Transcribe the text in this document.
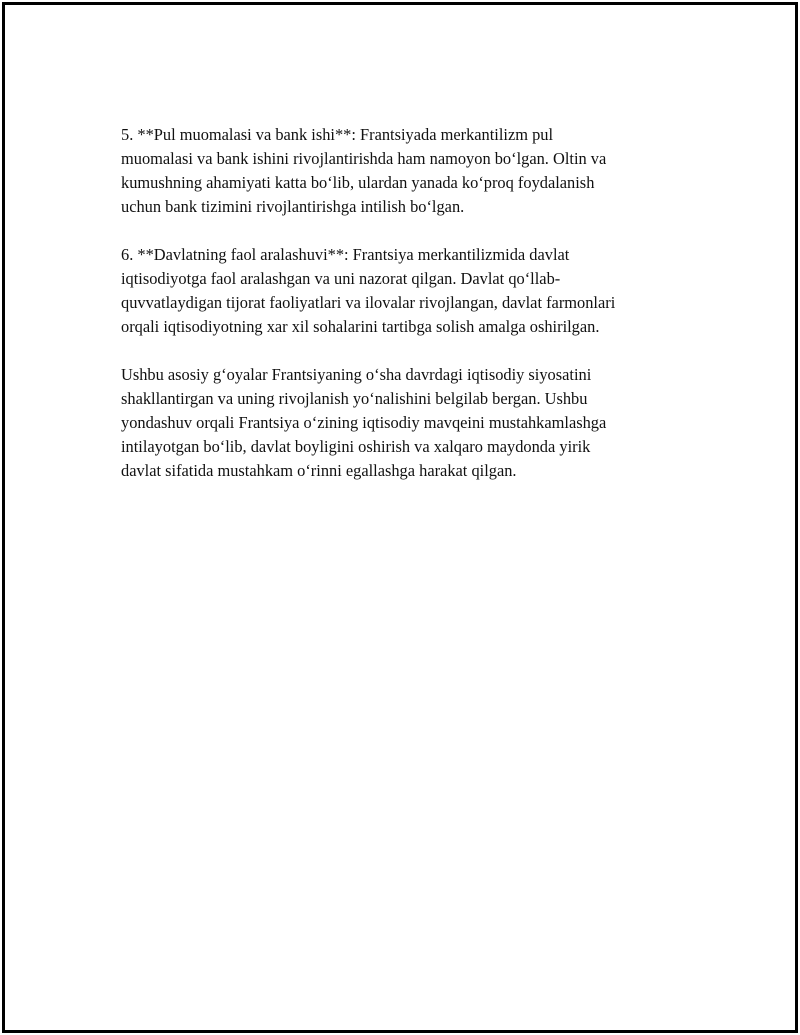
5. **Pul muomalasi va bank ishi**: Frantsiyada merkantilizm pul
muomalasi va bank ishini rivojlantirishda ham namoyon bo‘lgan. Oltin va
kumushning ahamiyati katta bo‘lib, ulardan yanada ko‘proq foydalanish
uchun bank tizimini rivojlantirishga intilish bo‘lgan.

6. **Davlatning faol aralashuvi**: Frantsiya merkantilizmida davlat
iqtisodiyotga faol aralashgan va uni nazorat qilgan. Davlat qo‘llab-
quvvatlaydigan tijorat faoliyatlari va ilovalar rivojlangan, davlat farmonlari
orqali iqtisodiyotning xar xil sohalarini tartibga solish amalga oshirilgan.

Ushbu asosiy g‘oyalar Frantsiyaning o‘sha davrdagi iqtisodiy siyosatini
shakllantirgan va uning rivojlanish yo‘nalishini belgilab bergan. Ushbu
yondashuv orqali Frantsiya o‘zining iqtisodiy mavqeini mustahkamlashga
intilayotgan bo‘lib, davlat boyligini oshirish va xalqaro maydonda yirik
davlat sifatida mustahkam o‘rinni egallashga harakat qilgan.
